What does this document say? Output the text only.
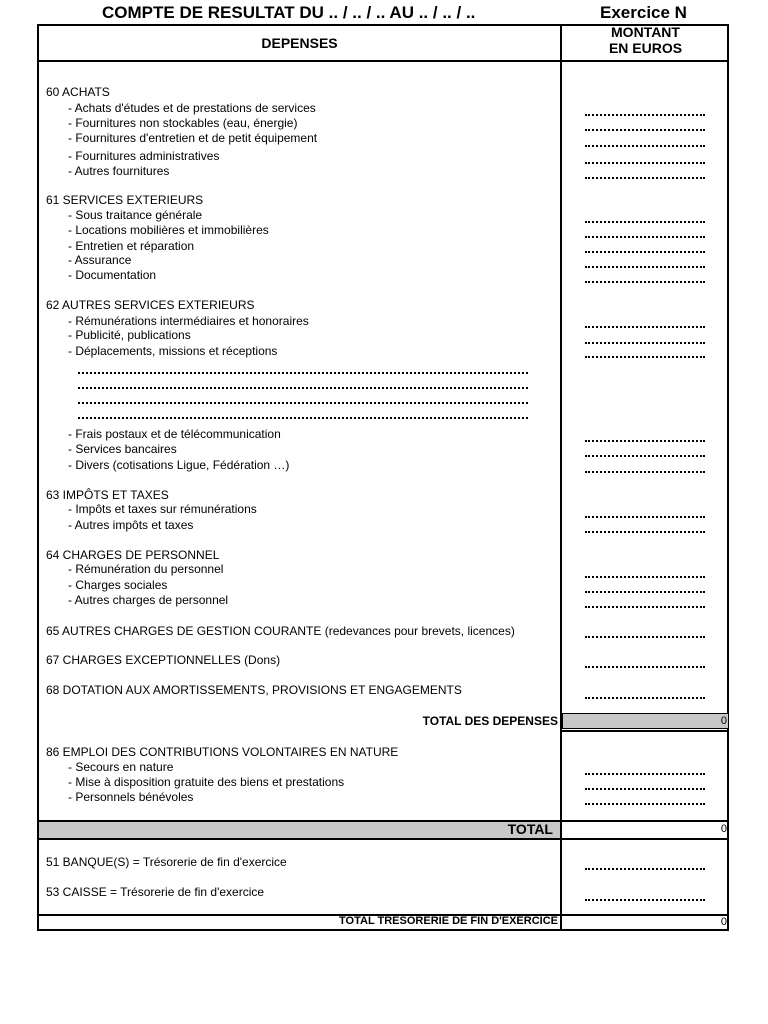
COMPTE DE RESULTAT DU .. / .. / .. AU .. / .. / ..	Exercice N
DEPENSES
MONTANT
EN EUROS
60 ACHATS
- Achats d'études et de prestations de services
- Fournitures non stockables (eau, énergie)
- Fournitures d'entretien et de petit équipement
- Fournitures administratives
- Autres fournitures
61 SERVICES EXTERIEURS
- Sous traitance générale
- Locations mobilières et immobilières
- Entretien et réparation
- Assurance
- Documentation
62 AUTRES SERVICES EXTERIEURS
- Rémunérations intermédiaires et honoraires
- Publicité, publications
- Déplacements, missions et réceptions
- Frais postaux et de télécommunication
- Services bancaires
- Divers (cotisations Ligue, Fédération …)
63 IMPÔTS ET TAXES
- Impôts et taxes sur rémunérations
- Autres impôts et taxes
64 CHARGES DE PERSONNEL
- Rémunération du personnel
- Charges sociales
- Autres charges de personnel
65 AUTRES CHARGES DE GESTION COURANTE (redevances pour brevets, licences)
67 CHARGES EXCEPTIONNELLES (Dons)
68 DOTATION AUX AMORTISSEMENTS, PROVISIONS ET ENGAGEMENTS
TOTAL DES DEPENSES	0
86 EMPLOI DES CONTRIBUTIONS VOLONTAIRES EN NATURE
- Secours en nature
- Mise à disposition gratuite des biens et prestations
- Personnels bénévoles
TOTAL	0
51 BANQUE(S) = Trésorerie de fin d'exercice
53 CAISSE = Trésorerie de fin d'exercice
TOTAL TRESORERIE DE FIN D'EXERCICE	0
